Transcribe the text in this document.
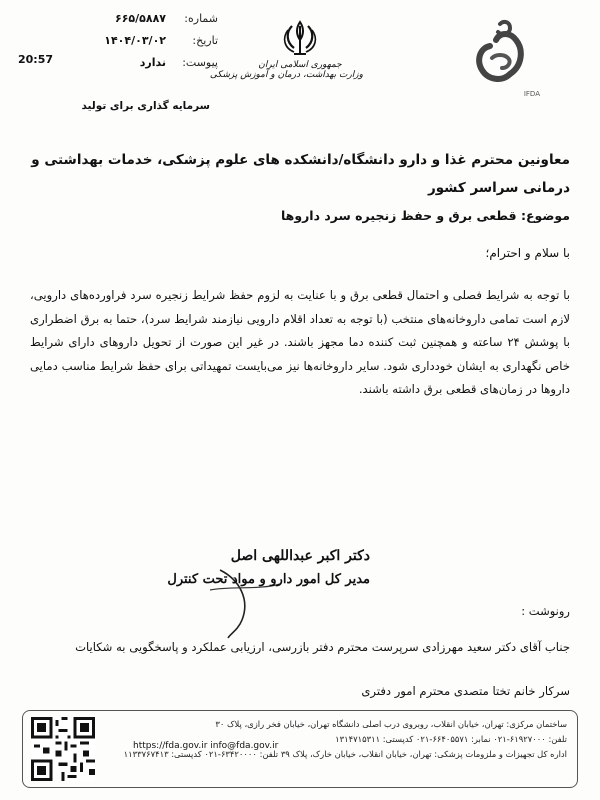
شماره:
۶۶۵/۵۸۸۷
تاریخ:
۱۴۰۴/۰۳/۰۲
پیوست:
ندارد
20:57
سرمایه گذاری برای تولید
جمهوری اسلامی ایران
وزارت بهداشت، درمان و آموزش پزشکی
IFDA
معاونین محترم غذا و دارو دانشگاه/دانشکده های علوم پزشکی، خدمات بهداشتی و درمانی سراسر کشور
موضوع: قطعی برق و حفظ زنجیره سرد داروها
با سلام و احترام؛
با توجه به شرایط فصلی و احتمال قطعی برق و با عنایت به لزوم حفظ شرایط زنجیره سرد فراورده‌های دارویی، لازم است تمامی داروخانه‌های منتخب (با توجه به تعداد اقلام دارویی نیازمند شرایط سرد)، حتما به برق اضطراری با پوشش ۲۴ ساعته و همچنین ثبت کننده دما مجهز باشند. در غیر این صورت از تحویل داروهای دارای شرایط خاص نگهداری به ایشان خودداری شود. سایر داروخانه‌ها نیز می‌بایست تمهیداتی برای حفظ شرایط مناسب دمایی داروها در زمان‌های قطعی برق داشته باشند.
دکتر اکبر عبداللهی اصل
مدیر کل امور دارو و مواد تحت کنترل
رونوشت :
جناب آقای دکتر سعید مهرزادی سرپرست محترم دفتر بازرسی، ارزیابی عملکرد و پاسخگویی به شکایات
سرکار خانم تختا متصدی محترم امور دفتری
ساختمان مرکزی: تهران، خیابان انقلاب، روبروی درب اصلی دانشگاه تهران، خیابان فخر رازی، پلاک ۳۰
تلفن: ۶۱۹۲۷۰۰۰-۰۲۱ نمابر: ۶۶۴۰۵۵۷۱-۰۲۱ کدپستی: ۱۳۱۴۷۱۵۳۱۱
اداره کل تجهیزات و ملزومات پزشکی: تهران، خیابان انقلاب، خیابان خارک، پلاک ۳۹ تلفن: ۶۳۴۲۰۰۰۰-۰۲۱ کدپستی: ۱۱۳۳۷۶۷۴۱۳
https://fda.gov.ir info@fda.gov.ir
